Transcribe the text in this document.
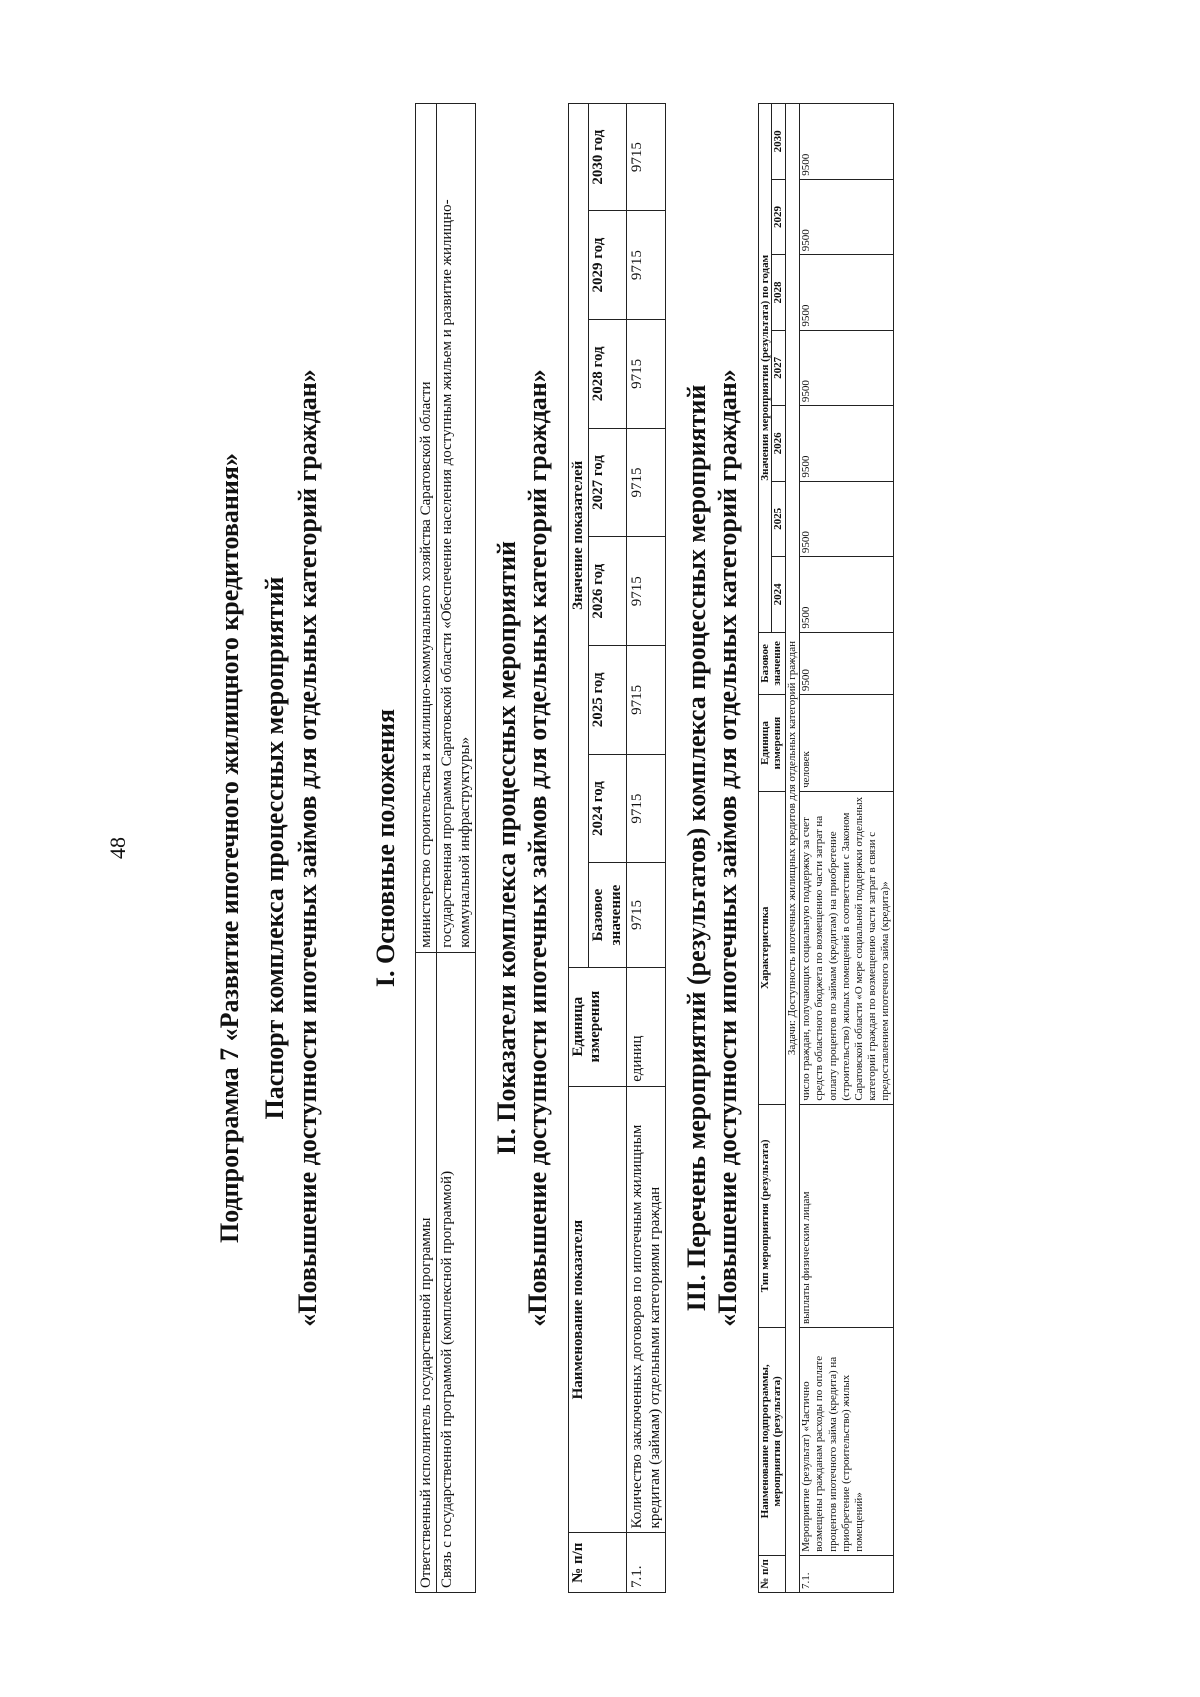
48	Подпрограмма 7 «Развитие ипотечного жилищного кредитования» Паспорт комплекса процессных мероприятий «Повышение доступности ипотечных займов для отдельных категорий граждан» I. Основные положения

Ответственный исполнитель государственной программы	министерство строительства и жилищно-коммунального хозяйства Саратовской области
Связь с государственной программой (комплексной программой)	государственная программа Саратовской области «Обеспечение населения доступным жильем и развитие жилищно-коммунальной инфраструктуры» II. Показатели комплекса процессных мероприятий «Повышение доступности ипотечных займов для отдельных категорий граждан»

№ п/п	Наименование показателя	Единица измерения	Значение показателей							
			Базовое значение	2024 год	2025 год	2026 год	2027 год	2028 год	2029 год	2030 год
7.1.	Количество заключенных договоров по ипотечным жилищным кредитам (займам) отдельными категориями граждан	единиц	9715	9715	9715	9715	9715	9715	9715	9715

III. Перечень мероприятий (результатов) комплекса процессных мероприятий «Повышение доступности ипотечных займов для отдельных категорий граждан»

№ п/п	Наименование подпрограммы, мероприятия (результата)	Тип мероприятия (результата)	Характеристика	Единица измерения	Базовое значение	Значения мероприятия (результата) по годам						
						2024	2025	2026	2027	2028	2029	2030
Задачи: Доступность ипотечных жилищных кредитов для отдельных категорий граждан												
7.1.	Мероприятие (результат) «Частично возмещены гражданам расходы по оплате процентов ипотечного займа (кредита) на приобретение (строительство) жилых помещений»	выплаты физическим лицам	число граждан, получающих социальную поддержку за счет средств областного бюджета по возмещению части затрат на оплату процентов по займам (кредитам) на приобретение (строительство) жилых помещений в соответствии с Законом Саратовской области «О мере социальной поддержки отдельных категорий граждан по возмещению части затрат в связи с предоставлением ипотечного займа (кредита)»	человек	9500	9500	9500	9500	9500	9500	9500	9500
